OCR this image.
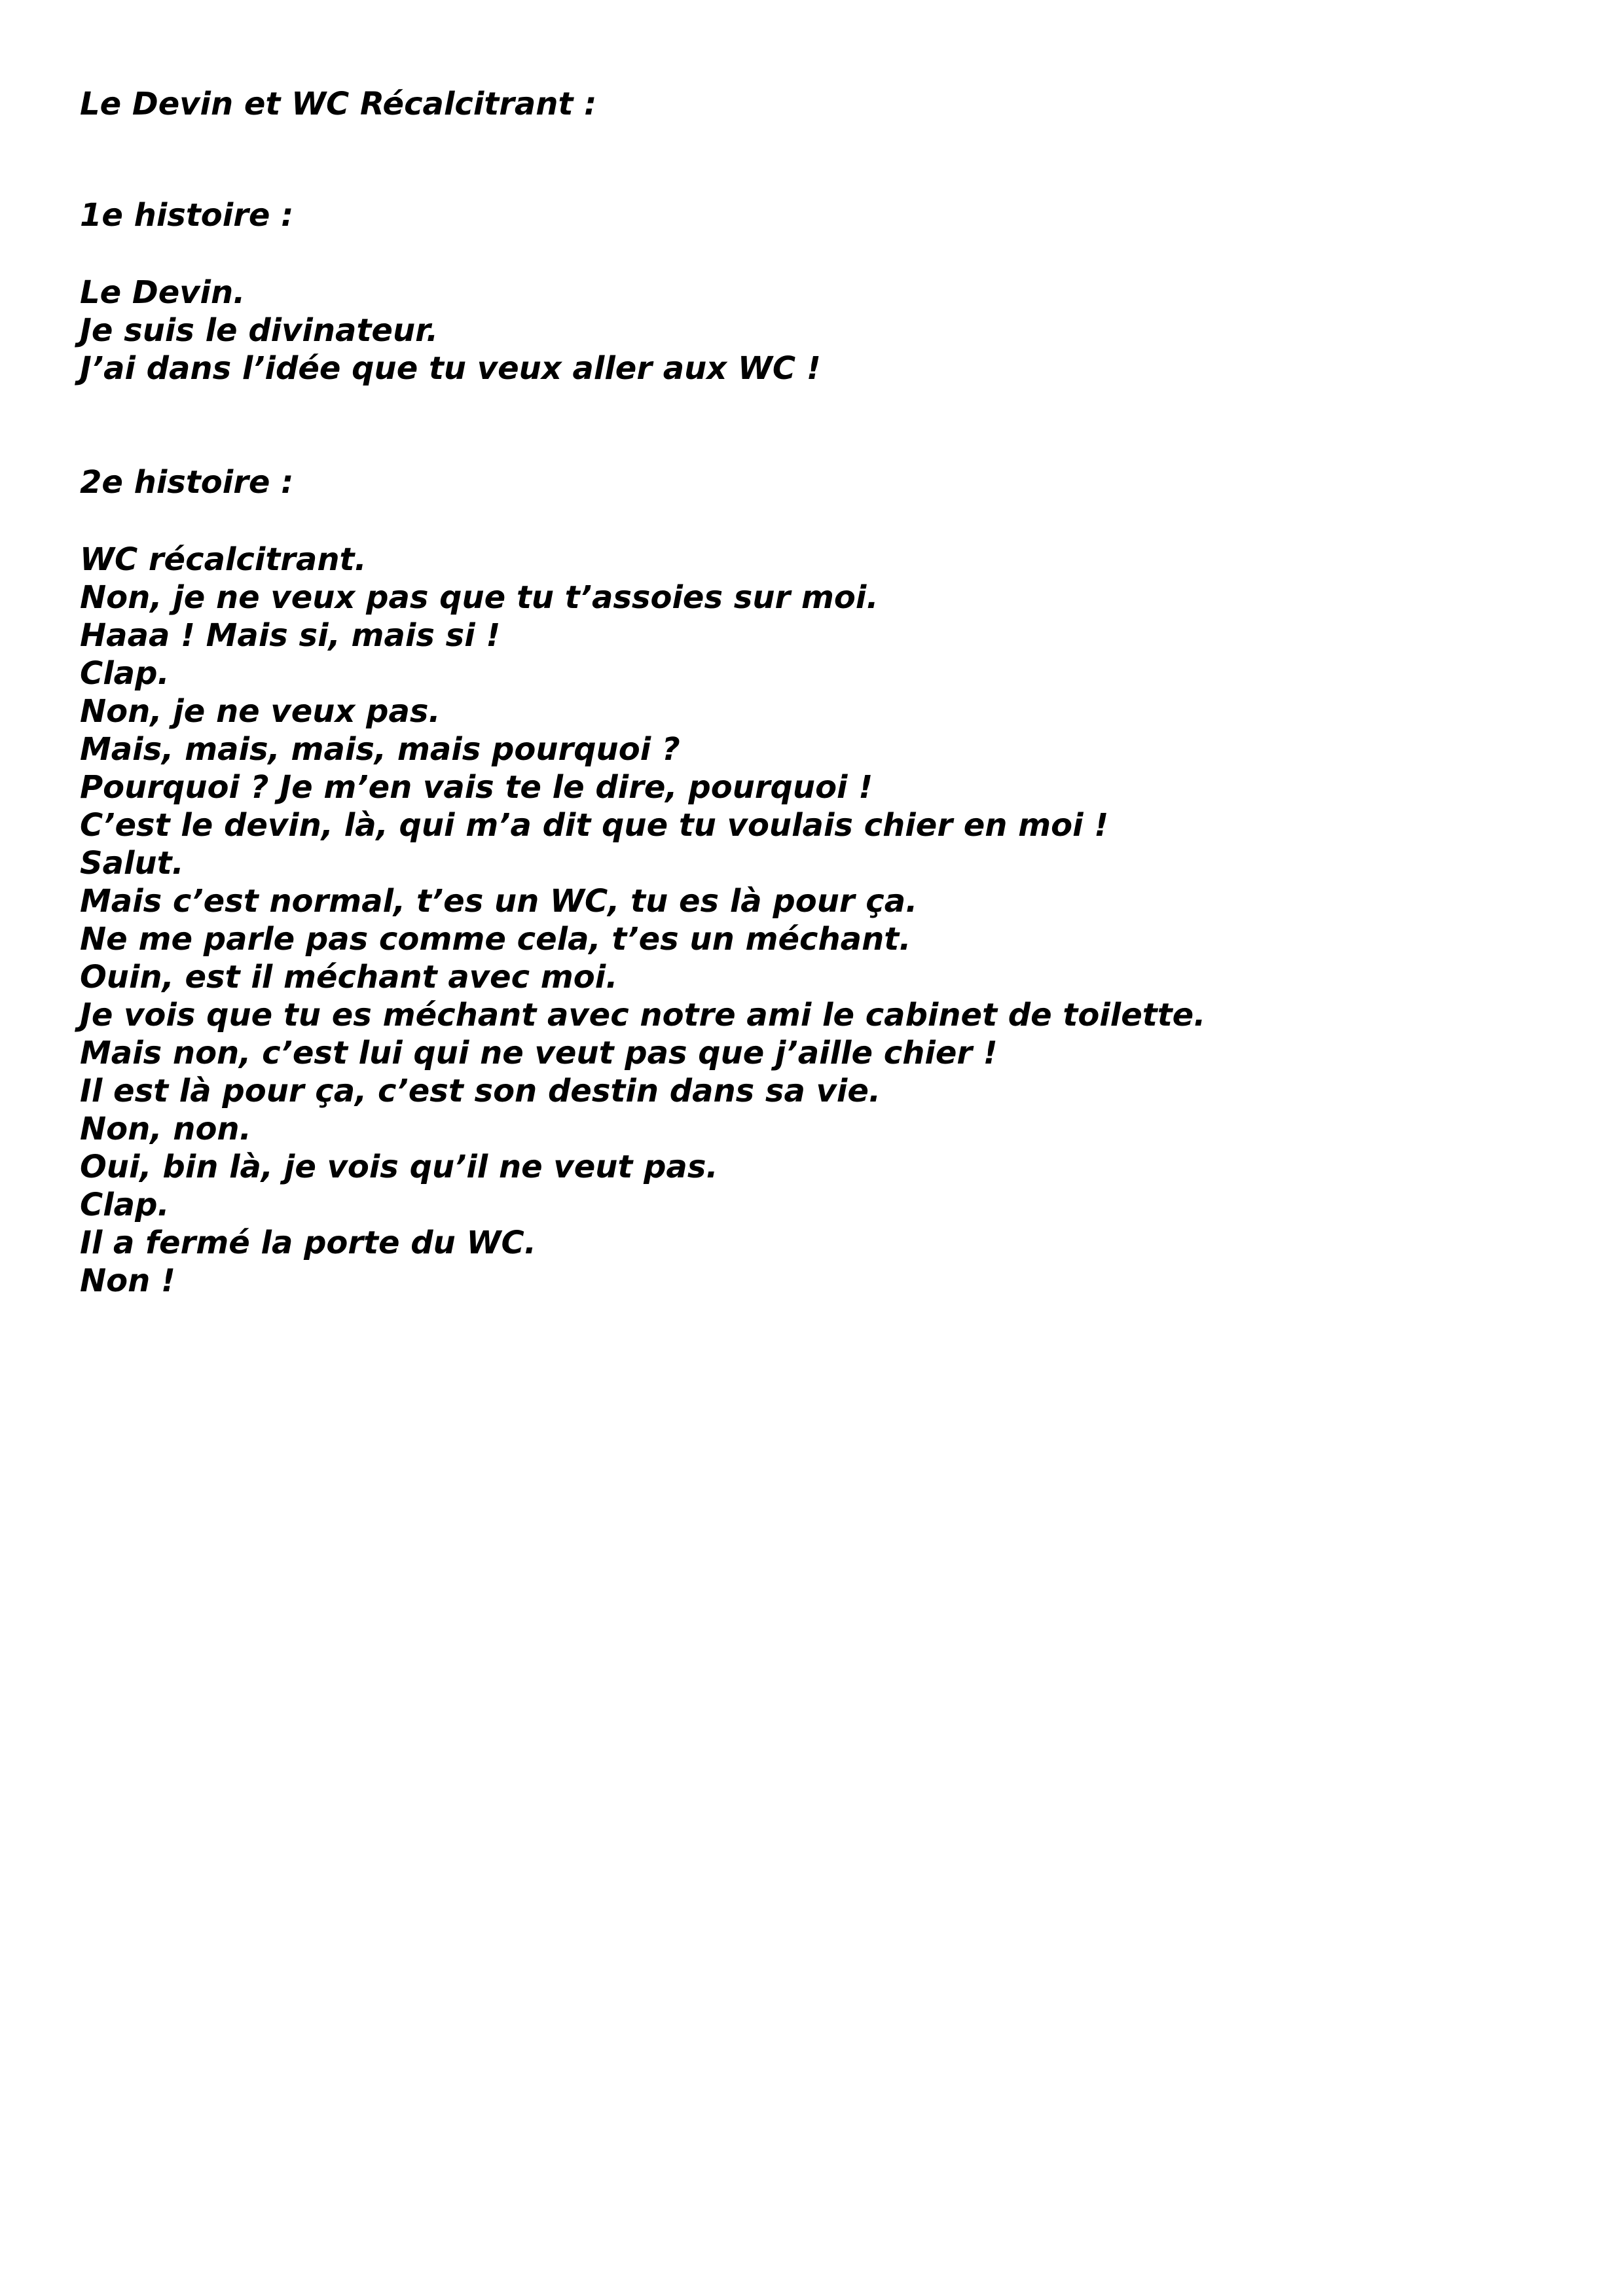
Le Devin et WC Récalcitrant :
1e histoire :
Le Devin.
Je suis le divinateur.
J’ai dans l’idée que tu veux aller aux WC !
2e histoire :
WC récalcitrant.
Non, je ne veux pas que tu t’assoies sur moi.
Haaa ! Mais si, mais si !
Clap.
Non, je ne veux pas.
Mais, mais, mais, mais pourquoi ?
Pourquoi ? Je m’en vais te le dire, pourquoi !
C’est le devin, là, qui m’a dit que tu voulais chier en moi !
Salut.
Mais c’est normal, t’es un WC, tu es là pour ça.
Ne me parle pas comme cela, t’es un méchant.
Ouin, est il méchant avec moi.
Je vois que tu es méchant avec notre ami le cabinet de toilette.
Mais non, c’est lui qui ne veut pas que j’aille chier !
Il est là pour ça, c’est son destin dans sa vie.
Non, non.
Oui, bin là, je vois qu’il ne veut pas.
Clap.
Il a fermé la porte du WC.
Non !
